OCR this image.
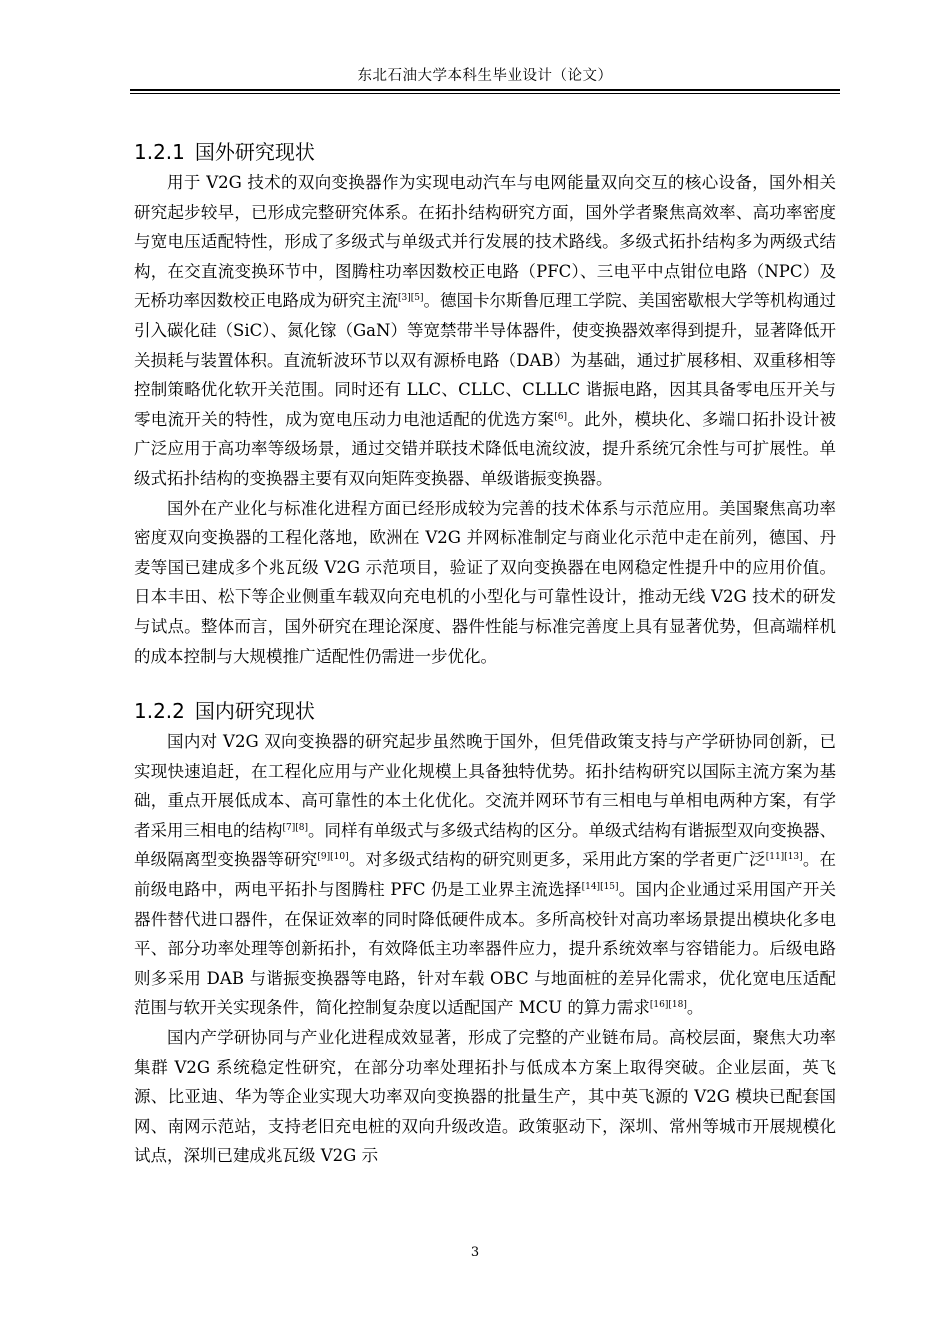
东北石油大学本科生毕业设计（论文）
1.2.1 国外研究现状

用于 V2G 技术的双向变换器作为实现电动汽车与电网能量双向交互的核心设备，国外相关研究起步较早，已形成完整研究体系。在拓扑结构研究方面，国外学者聚焦高效率、高功率密度与宽电压适配特性，形成了多级式与单级式并行发展的技术路线。多级式拓扑结构多为两级式结构，在交直流变换环节中，图腾柱功率因数校正电路（PFC）、三电平中点钳位电路（NPC）及无桥功率因数校正电路成为研究主流[3][5]。德国卡尔斯鲁厄理工学院、美国密歇根大学等机构通过引入碳化硅（SiC）、氮化镓（GaN）等宽禁带半导体器件，使变换器效率得到提升，显著降低开关损耗与装置体积。直流斩波环节以双有源桥电路（DAB）为基础，通过扩展移相、双重移相等控制策略优化软开关范围。同时还有 LLC、CLLC、CLLLC 谐振电路，因其具备零电压开关与零电流开关的特性，成为宽电压动力电池适配的优选方案[6]。此外，模块化、多端口拓扑设计被广泛应用于高功率等级场景，通过交错并联技术降低电流纹波，提升系统冗余性与可扩展性。单级式拓扑结构的变换器主要有双向矩阵变换器、单级谐振变换器。

国外在产业化与标准化进程方面已经形成较为完善的技术体系与示范应用。美国聚焦高功率密度双向变换器的工程化落地，欧洲在 V2G 并网标准制定与商业化示范中走在前列，德国、丹麦等国已建成多个兆瓦级 V2G 示范项目，验证了双向变换器在电网稳定性提升中的应用价值。日本丰田、松下等企业侧重车载双向充电机的小型化与可靠性设计，推动无线 V2G 技术的研发与试点。整体而言，国外研究在理论深度、器件性能与标准完善度上具有显著优势，但高端样机的成本控制与大规模推广适配性仍需进一步优化。

1.2.2 国内研究现状

国内对 V2G 双向变换器的研究起步虽然晚于国外，但凭借政策支持与产学研协同创新，已实现快速追赶，在工程化应用与产业化规模上具备独特优势。拓扑结构研究以国际主流方案为基础，重点开展低成本、高可靠性的本土化优化。交流并网环节有三相电与单相电两种方案，有学者采用三相电的结构[7][8]。同样有单级式与多级式结构的区分。单级式结构有谐振型双向变换器、单级隔离型变换器等研究[9][10]。对多级式结构的研究则更多，采用此方案的学者更广泛[11][13]。在前级电路中，两电平拓扑与图腾柱 PFC 仍是工业界主流选择[14][15]。国内企业通过采用国产开关器件替代进口器件，在保证效率的同时降低硬件成本。多所高校针对高功率场景提出模块化多电平、部分功率处理等创新拓扑，有效降低主功率器件应力，提升系统效率与容错能力。后级电路则多采用 DAB 与谐振变换器等电路，针对车载 OBC 与地面桩的差异化需求，优化宽电压适配范围与软开关实现条件，简化控制复杂度以适配国产 MCU 的算力需求[16][18]。

国内产学研协同与产业化进程成效显著，形成了完整的产业链布局。高校层面，聚焦大功率集群 V2G 系统稳定性研究，在部分功率处理拓扑与低成本方案上取得突破。企业层面，英飞源、比亚迪、华为等企业实现大功率双向变换器的批量生产，其中英飞源的 V2G 模块已配套国网、南网示范站，支持老旧充电桩的双向升级改造。政策驱动下，深圳、常州等城市开展规模化试点，深圳已建成兆瓦级 V2G 示

3
